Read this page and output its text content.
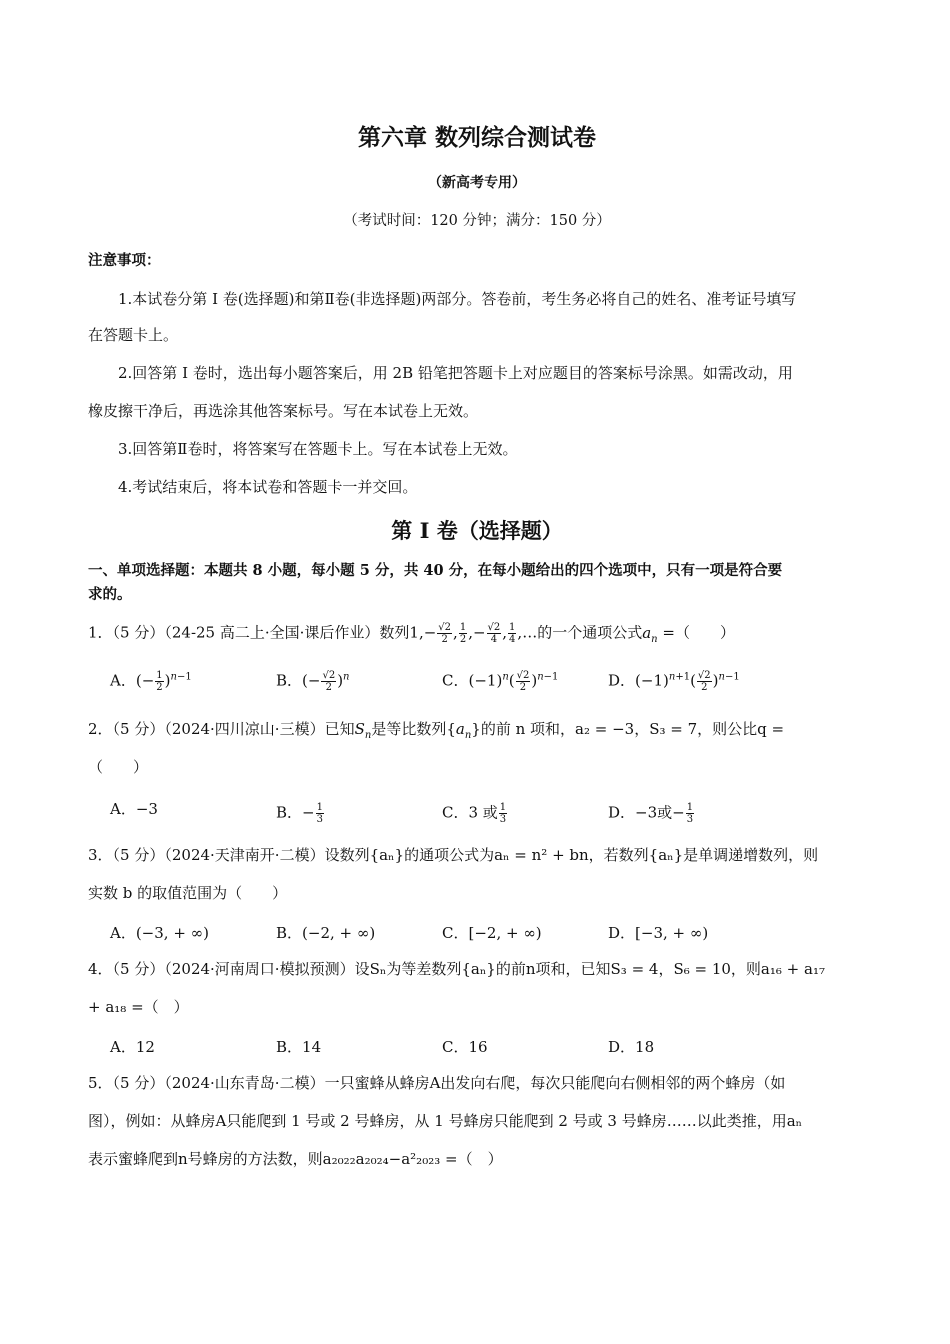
第六章 数列综合测试卷
（新高考专用）
（考试时间：120 分钟；满分：150 分）
注意事项：
1.本试卷分第 I 卷(选择题)和第Ⅱ卷(非选择题)两部分。答卷前，考生务必将自己的姓名、准考证号填写
在答题卡上。
2.回答第 I 卷时，选出每小题答案后，用 2B 铅笔把答题卡上对应题目的答案标号涂黑。如需改动，用
橡皮擦干净后，再选涂其他答案标号。写在本试卷上无效。
3.回答第Ⅱ卷时，将答案写在答题卡上。写在本试卷上无效。
4.考试结束后，将本试卷和答题卡一并交回。
第 I 卷（选择题）
一、单项选择题：本题共 8 小题，每小题 5 分，共 40 分，在每小题给出的四个选项中，只有一项是符合要
求的。
1．（5 分）（24-25 高二上·全国·课后作业）数列$1,- \frac{√2}{2}$ , $\frac{1}{2}$ ,− $\frac{√2}{4}$ , $\frac{1}{4}$ ,…的一个通项公式$a_n$ =（　　）
A．(− $\frac{1}{2} )^{n-1}$	B．(− $\frac{√2}{2} )^n$	C．$(-1)^n( \frac{√2}{2} )^{n-1}$	D．$(-1)^{n+1}( \frac{√2}{2} )^{n-1}$
2．（5 分）（2024·四川凉山·三模）已知$S_n$是等比数列$\{a_n\}$的前 n 项和，a₂ = −3，S₃ = 7，则公比q =
（　　）
A．−3	B．− $\frac{1}{3}$	C．3 或 $\frac{1}{3}$	D．−3或− $\frac{1}{3}$
3．（5 分）（2024·天津南开·二模）设数列{aₙ}的通项公式为aₙ = n² + bn，若数列{aₙ}是单调递增数列，则
实数 b 的取值范围为（　　）
A．(−3, + ∞)	B．(−2, + ∞)	C．[−2, + ∞)	D．[−3, + ∞)
4．（5 分）（2024·河南周口·模拟预测）设Sₙ为等差数列{aₙ}的前n项和，已知S₃ = 4，S₆ = 10，则a₁₆ + a₁₇
+ a₁₈ =（　）
A．12	B．14	C．16	D．18
5．（5 分）（2024·山东青岛·二模）一只蜜蜂从蜂房A出发向右爬，每次只能爬向右侧相邻的两个蜂房（如
图），例如：从蜂房A只能爬到 1 号或 2 号蜂房，从 1 号蜂房只能爬到 2 号或 3 号蜂房……以此类推，用aₙ
表示蜜蜂爬到n号蜂房的方法数，则a₂₀₂₂a₂₀₂₄−a²₂₀₂₃ =（　）
